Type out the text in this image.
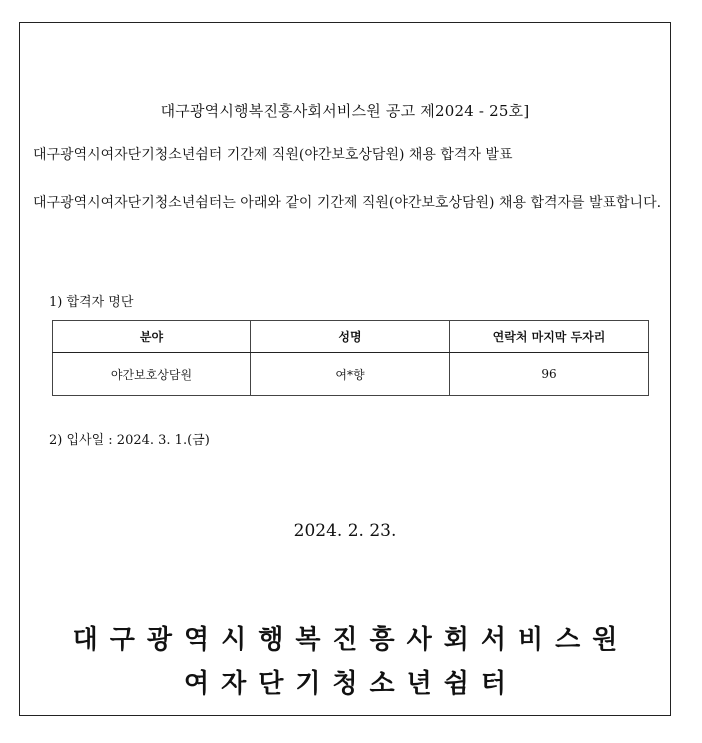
대구광역시행복진흥사회서비스원 공고 제2024 - 25호]
대구광역시여자단기청소년쉼터 기간제 직원(야간보호상담원) 채용 합격자 발표

대구광역시여자단기청소년쉼터는 아래와 같이 기간제 직원(야간보호상담원) 채용 합격자를 발표합니다.

1) 합격자 명단

분야	성명	연락처 마지막 두자리
야간보호상담원	여*향	96

2) 입사일 : 2024. 3. 1.(금)

2024. 2. 23.

대구광역시행복진흥사회서비스원

여자단기청소년쉼터
